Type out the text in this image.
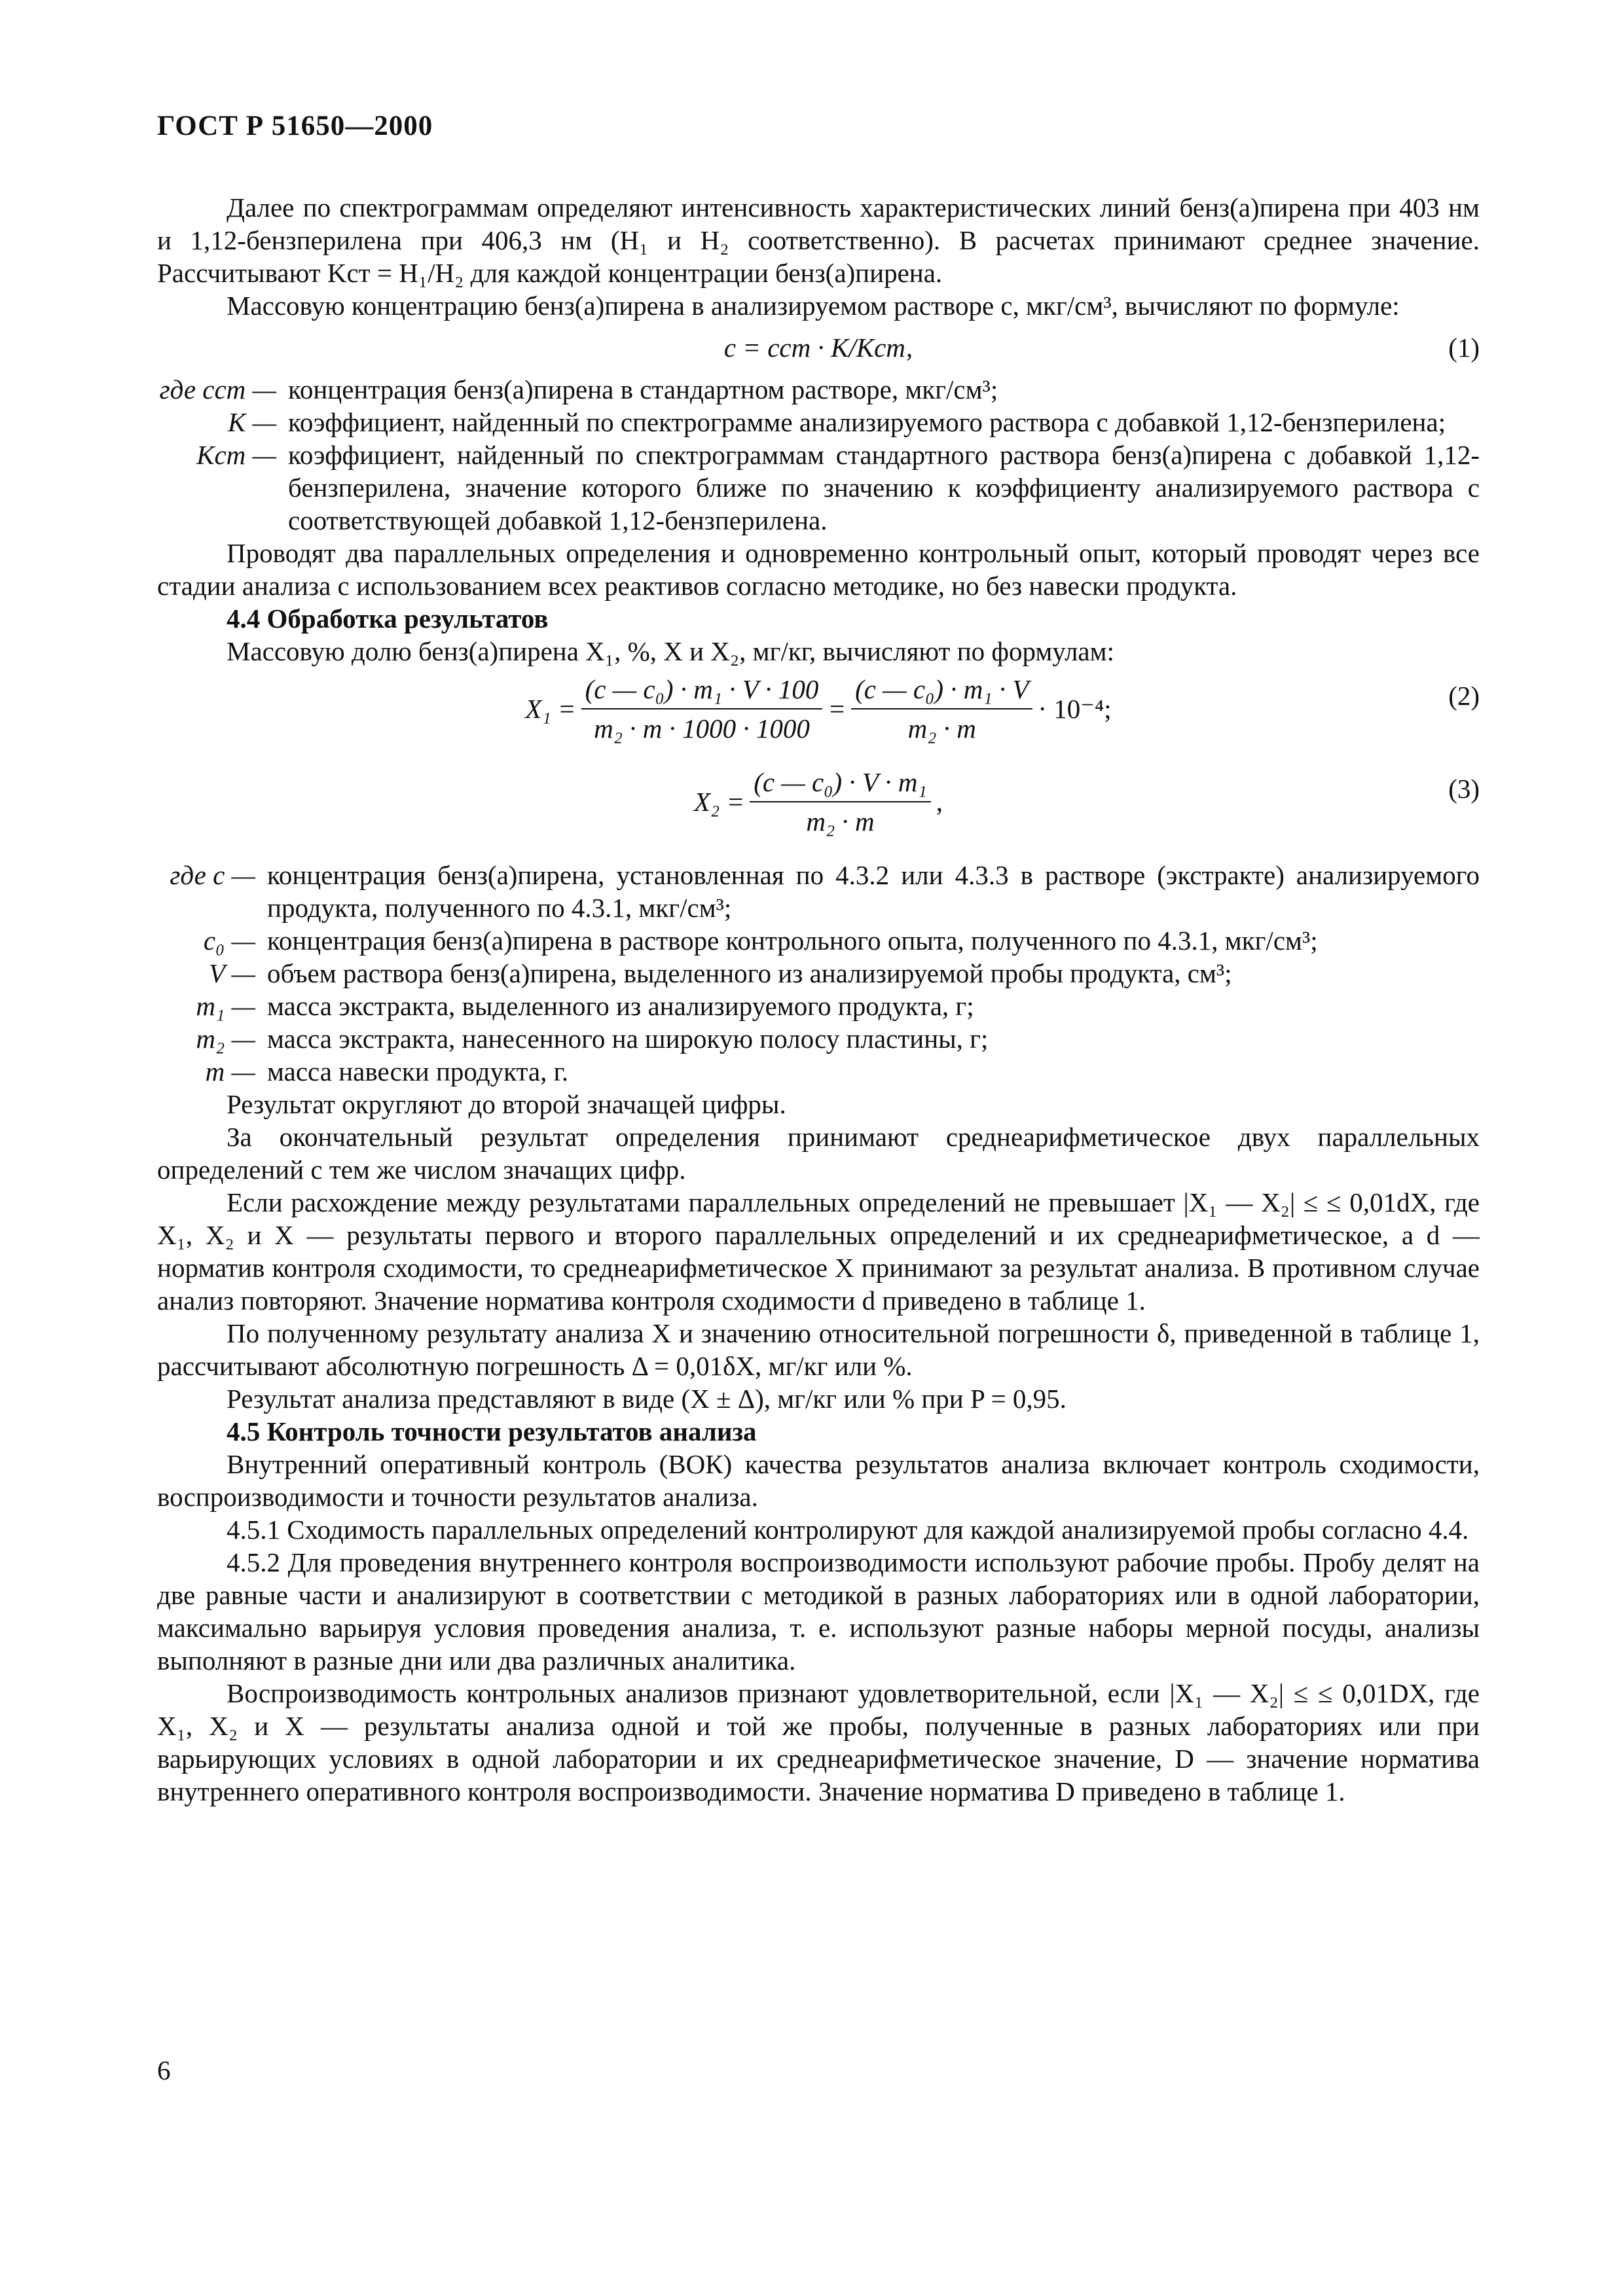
ГОСТ Р 51650—2000

Далее по спектрограммам определяют интенсивность характеристических линий бенз(а)пирена при 403 нм и 1,12-бензперилена при 406,3 нм (H₁ и H₂ соответственно). В расчетах принимают среднее значение. Рассчитывают Kст = H₁/H₂ для каждой концентрации бенз(а)пирена.

Массовую концентрацию бенз(а)пирена в анализируемом растворе с, мкг/см³, вычисляют по формуле:

c = cст · K/Kст,	(1)
где cст — концентрация бенз(а)пирена в стандартном растворе, мкг/см³;
K — коэффициент, найденный по спектрограмме анализируемого раствора с добавкой 1,12-бензперилена;
Kст — коэффициент, найденный по спектрограммам стандартного раствора бенз(а)пирена с добавкой 1,12-бензперилена, значение которого ближе по значению к коэффициенту анализируемого раствора с соответствующей добавкой 1,12-бензперилена.

Проводят два параллельных определения и одновременно контрольный опыт, который проводят через все стадии анализа с использованием всех реактивов согласно методике, но без навески продукта.

4.4 Обработка результатов

Массовую долю бенз(а)пирена X₁, %, X и X₂, мг/кг, вычисляют по формулам:

$X_1 = \frac{\text{(c — c₀) · m₁ · V · 100}}{\text{m₂ · m · 1000 · 1000}} = \frac{\text{(c — c₀) · m₁ · V}}{\text{m₂ · m}} \cdot 10^{-4}$;	(2)
$X_2 = \frac{\text{(c — c₀) · V · m₁}}{\text{m₂ · m}}$ ,	(3)
где c — концентрация бенз(а)пирена, установленная по 4.3.2 или 4.3.3 в растворе (экстракте) анализируемого продукта, полученного по 4.3.1, мкг/см³;
c₀ — концентрация бенз(а)пирена в растворе контрольного опыта, полученного по 4.3.1, мкг/см³;
V — объем раствора бенз(а)пирена, выделенного из анализируемой пробы продукта, см³;
m₁ — масса экстракта, выделенного из анализируемого продукта, г;
m₂ — масса экстракта, нанесенного на широкую полосу пластины, г;
m — масса навески продукта, г.

Результат округляют до второй значащей цифры.

За окончательный результат определения принимают среднеарифметическое двух параллельных определений с тем же числом значащих цифр.

Если расхождение между результатами параллельных определений не превышает |X₁ — X₂| ≤ ≤ 0,01dX, где X₁, X₂ и X — результаты первого и второго параллельных определений и их среднеарифметическое, а d — норматив контроля сходимости, то среднеарифметическое X принимают за результат анализа. В противном случае анализ повторяют. Значение норматива контроля сходимости d приведено в таблице 1.

По полученному результату анализа X и значению относительной погрешности δ, приведенной в таблице 1, рассчитывают абсолютную погрешность Δ = 0,01δX, мг/кг или %.

Результат анализа представляют в виде (X ± Δ), мг/кг или % при P = 0,95.

4.5 Контроль точности результатов анализа

Внутренний оперативный контроль (ВОК) качества результатов анализа включает контроль сходимости, воспроизводимости и точности результатов анализа.

4.5.1 Сходимость параллельных определений контролируют для каждой анализируемой пробы согласно 4.4.

4.5.2 Для проведения внутреннего контроля воспроизводимости используют рабочие пробы. Пробу делят на две равные части и анализируют в соответствии с методикой в разных лабораториях или в одной лаборатории, максимально варьируя условия проведения анализа, т. е. используют разные наборы мерной посуды, анализы выполняют в разные дни или два различных аналитика.

Воспроизводимость контрольных анализов признают удовлетворительной, если |X₁ — X₂| ≤ ≤ 0,01DX, где X₁, X₂ и X — результаты анализа одной и той же пробы, полученные в разных лабораториях или при варьирующих условиях в одной лаборатории и их среднеарифметическое значение, D — значение норматива внутреннего оперативного контроля воспроизводимости. Значение норматива D приведено в таблице 1.

6
